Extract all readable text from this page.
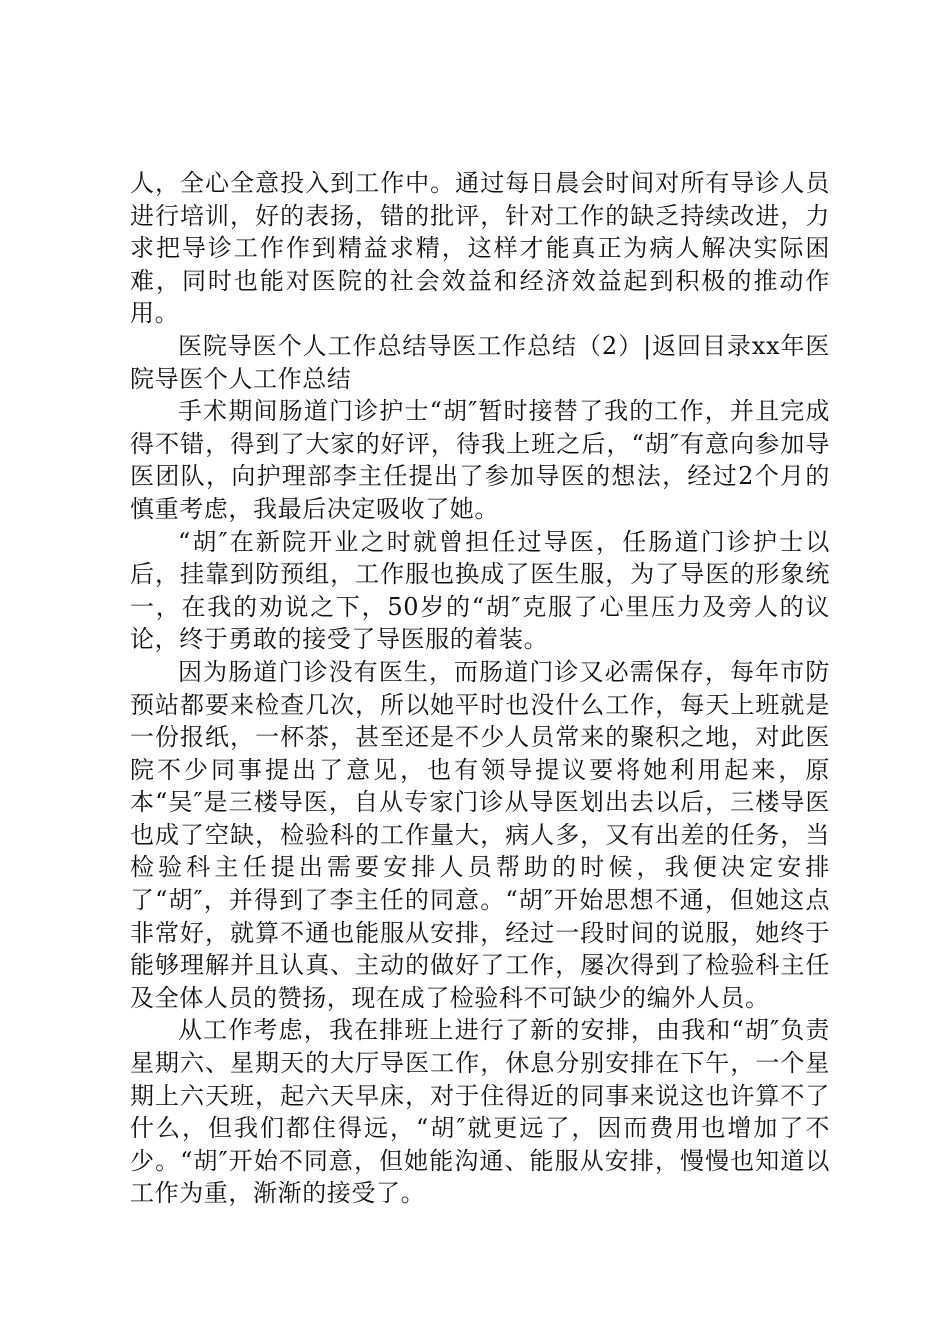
人，全心全意投入到工作中。通过每日晨会时间对所有导诊人员进行培训，好的表扬，错的批评，针对工作的缺乏持续改进，力求把导诊工作作到精益求精，这样才能真正为病人解决实际困难，同时也能对医院的社会效益和经济效益起到积极的推动作用。

医院导医个人工作总结导医工作总结（2）|返回目录xx年医院导医个人工作总结

手术期间肠道门诊护士“胡″暂时接替了我的工作，并且完成得不错，得到了大家的好评，待我上班之后，“胡″有意向参加导医团队，向护理部李主任提出了参加导医的想法，经过2个月的慎重考虑，我最后决定吸收了她。

“胡″在新院开业之时就曾担任过导医，任肠道门诊护士以后，挂靠到防预组，工作服也换成了医生服，为了导医的形象统一，在我的劝说之下，50岁的“胡″克服了心里压力及旁人的议论，终于勇敢的接受了导医服的着装。

因为肠道门诊没有医生，而肠道门诊又必需保存，每年市防预站都要来检查几次，所以她平时也没什么工作，每天上班就是一份报纸，一杯茶，甚至还是不少人员常来的聚积之地，对此医院不少同事提出了意见，也有领导提议要将她利用起来，原本“吴″是三楼导医，自从专家门诊从导医划出去以后，三楼导医也成了空缺，检验科的工作量大，病人多，又有出差的任务，当检验科主任提出需要安排人员帮助的时候，我便决定安排了“胡″，并得到了李主任的同意。“胡″开始思想不通，但她这点非常好，就算不通也能服从安排，经过一段时间的说服，她终于能够理解并且认真、主动的做好了工作，屡次得到了检验科主任及全体人员的赞扬，现在成了检验科不可缺少的编外人员。

从工作考虑，我在排班上进行了新的安排，由我和“胡″负责星期六、星期天的大厅导医工作，休息分别安排在下午，一个星期上六天班，起六天早床，对于住得近的同事来说这也许算不了什么，但我们都住得远，“胡″就更远了，因而费用也增加了不少。“胡″开始不同意，但她能沟通、能服从安排，慢慢也知道以工作为重，渐渐的接受了。
